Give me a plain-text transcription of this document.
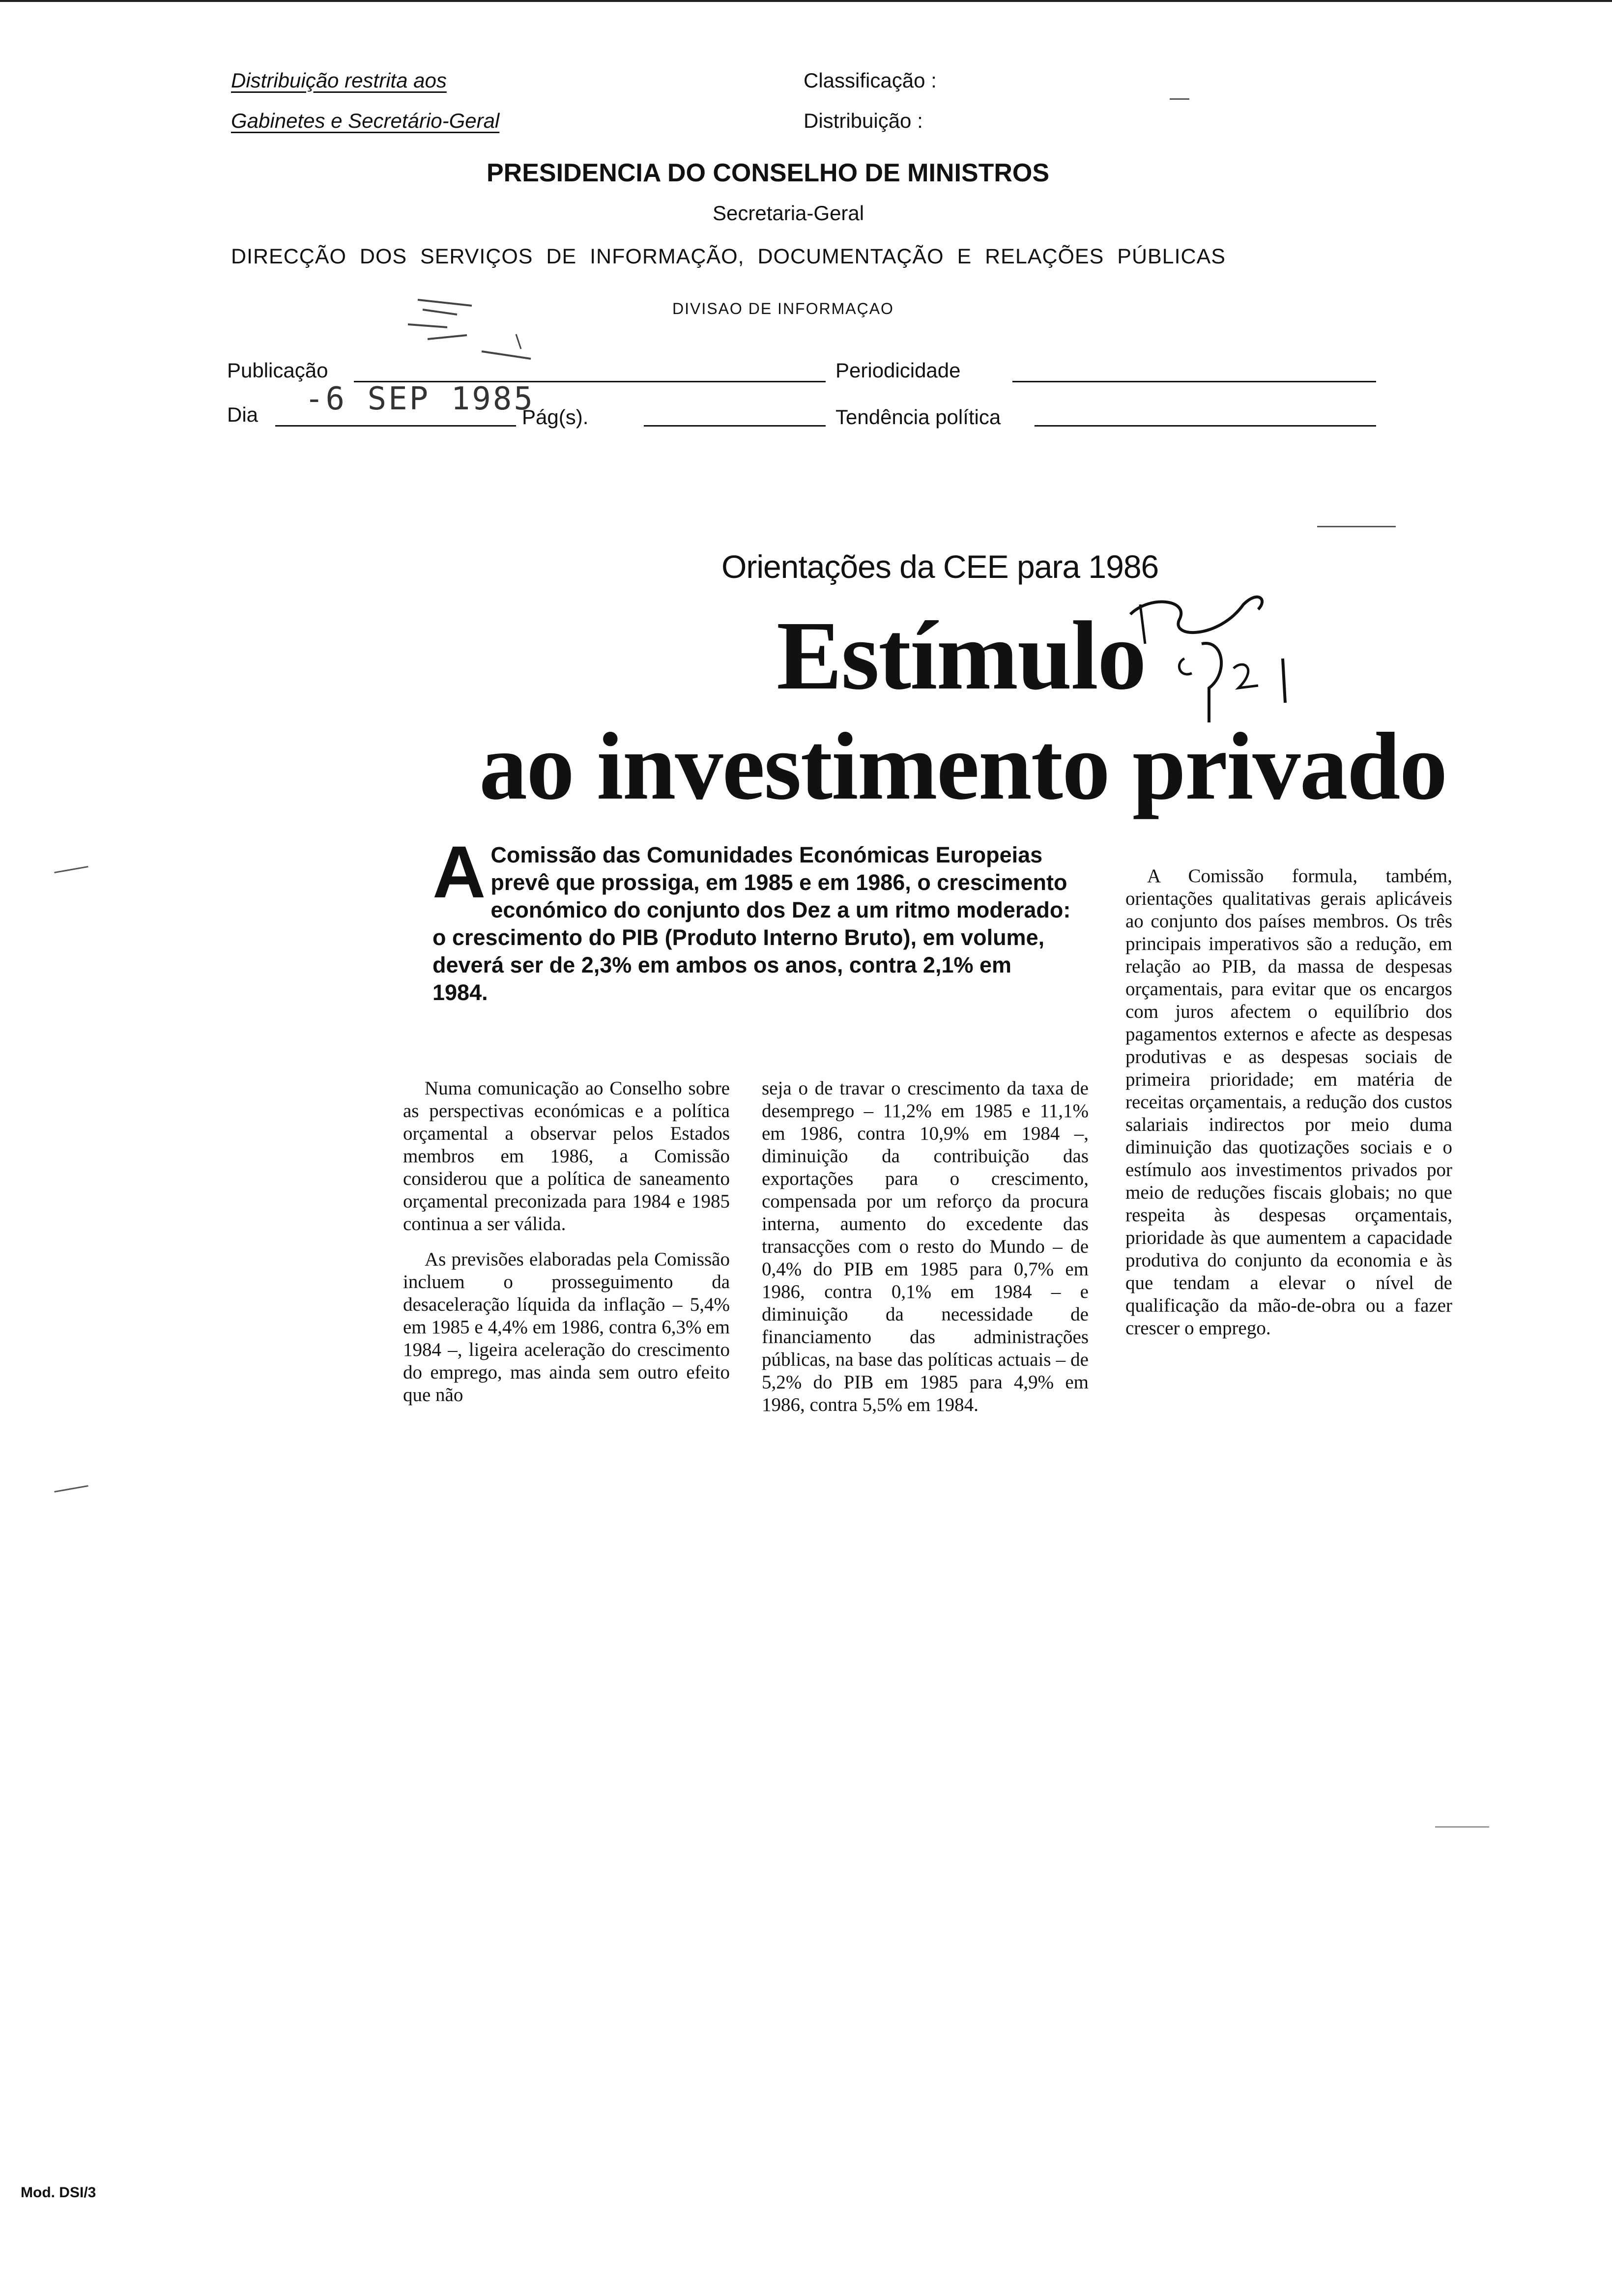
Distribuição restrita aos
Gabinetes e Secretário-Geral
Classificação :
Distribuição :
PRESIDENCIA DO CONSELHO DE MINISTROS
Secretaria-Geral
DIRECÇÃO DOS SERVIÇOS DE INFORMAÇÃO, DOCUMENTAÇÃO E RELAÇÕES PÚBLICAS
DIVISAO DE INFORMAÇAO
Publicação	Periodicidade
Dia -6 SEP 1985
Pág(s).	Tendência política
Orientações da CEE para 1986
Estímulo
ao investimento privado
A Comissão das Comunidades Económicas Europeias prevê que prossiga, em 1985 e em 1986, o crescimento económico do conjunto dos Dez a um ritmo moderado: o crescimento do PIB (Produto Interno Bruto), em volume, deverá ser de 2,3% em ambos os anos, contra 2,1% em 1984.

Numa comunicação ao Conselho sobre as perspectivas económicas e a política orçamental a observar pelos Estados membros em 1986, a Comissão considerou que a política de saneamento orçamental preconizada para 1984 e 1985 continua a ser válida.

As previsões elaboradas pela Comissão incluem o prosseguimento da desaceleração líquida da inflação – 5,4% em 1985 e 4,4% em 1986, contra 6,3% em 1984 –, ligeira aceleração do crescimento do emprego, mas ainda sem outro efeito que não

seja o de travar o crescimento da taxa de desemprego – 11,2% em 1985 e 11,1% em 1986, contra 10,9% em 1984 –, diminuição da contribuição das exportações para o crescimento, compensada por um reforço da procura interna, aumento do excedente das transacções com o resto do Mundo – de 0,4% do PIB em 1985 para 0,7% em 1986, contra 0,1% em 1984 – e diminuição da necessidade de financiamento das administrações públicas, na base das políticas actuais – de 5,2% do PIB em 1985 para 4,9% em 1986, contra 5,5% em 1984.

A Comissão formula, também, orientações qualitativas gerais aplicáveis ao conjunto dos países membros. Os três principais imperativos são a redução, em relação ao PIB, da massa de despesas orçamentais, para evitar que os encargos com juros afectem o equilíbrio dos pagamentos externos e afecte as despesas produtivas e as despesas sociais de primeira prioridade; em matéria de receitas orçamentais, a redução dos custos salariais indirectos por meio duma diminuição das quotizações sociais e o estímulo aos investimentos privados por meio de reduções fiscais globais; no que respeita às despesas orçamentais, prioridade às que aumentem a capacidade produtiva do conjunto da economia e às que tendam a elevar o nível de qualificação da mão-de-obra ou a fazer crescer o emprego.

Mod. DSI/3
